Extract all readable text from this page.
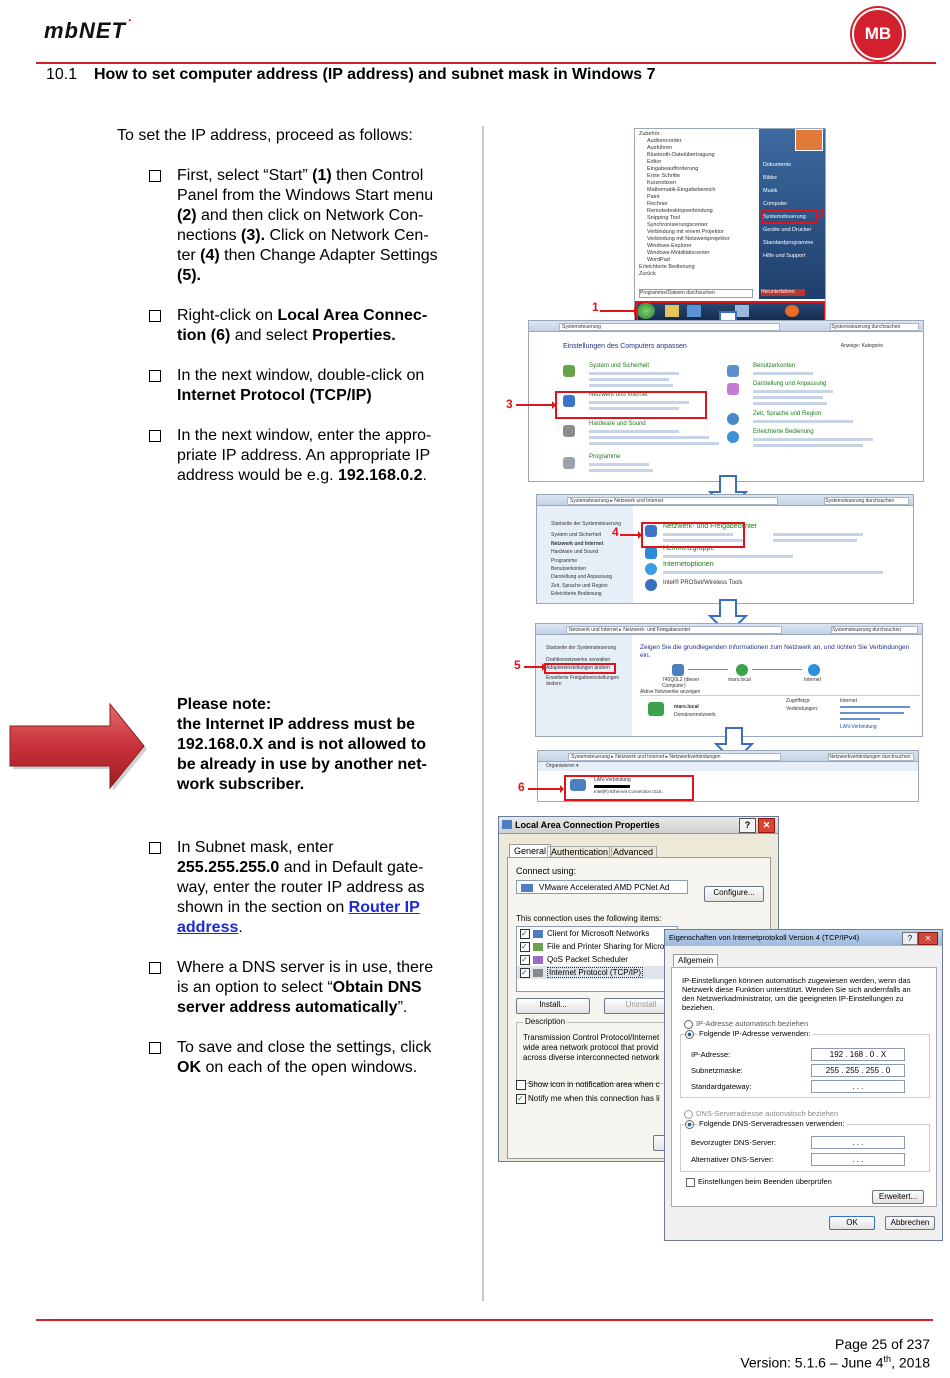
mbNET˙	MB
10.1 How to set computer address (IP address) and subnet mask in Windows 7
To set the IP address, proceed as follows:
First, select “Start” (1) then Control
Panel from the Windows Start menu
(2) and then click on Network Con-
nections (3). Click on Network Cen-
ter (4) then Change Adapter Settings
(5).
Right-click on Local Area Connec-
tion (6) and select Properties.
In the next window, double-click on
Internet Protocol (TCP/IP)
In the next window, enter the appro-
priate IP address. An appropriate IP
address would be e.g. 192.168.0.2.
Please note:
the Internet IP address must be
192.168.0.X and is not allowed to
be already in use by another net-
work subscriber.
In Subnet mask, enter
255.255.255.0 and in Default gate-
way, enter the router IP address as
shown in the section on Router IP
address.
Where a DNS server is in use, there
is an option to select “Obtain DNS
server address automatically”.
To save and close the settings, click
OK on each of the open windows.
Zubehör
Audiorecorder
Ausführen
Bluetooth-Dateiübertragung
Editor
Eingabeaufforderung
Erste Schritte
Kurznotizen
Mathematik-Eingabebereich
Paint
Rechner
Remotedesktopverbindung
Snipping Tool
Synchronisierungscenter
Verbindung mit einem Projektor
Verbindung mit Netzwerkprojektor
Windows-Explorer
Windows-Mobilitätscenter
WordPad
Erleichterte Bedienung
Zurück
Dokumente
Bilder
Musik
Computer
Systemsteuerung
Geräte und Drucker
Standardprogramme
Hilfe und Support
Programme/Dateien durchsuchen	Herunterfahren
2
1
Systemsteuerung	Systemsteuerung durchsuchen
Einstellungen des Computers anpassen	Anzeige: Kategorie
System und Sicherheit
Netzwerk und Internet
Hardware und Sound
Programme
Benutzerkonten
Darstellung und Anpassung
Zeit, Sprache und Region
Erleichterte Bedienung
3
Systemsteuerung ▸ Netzwerk und Internet	Systemsteuerung durchsuchen
Startseite der Systemsteuerung
System und Sicherheit
Netzwerk und Internet
Hardware und Sound
Programme
Benutzerkonten
Darstellung und Anpassung
Zeit, Sprache und Region
Erleichterte Bedienung
Netzwerk- und Freigabecenter
Heimnetzgruppe
Internetoptionen
Intel® PROSet/Wireless Tools
4
Netzwerk und Internet ▸ Netzwerk- und Freigabecenter	Systemsteuerung durchsuchen
Startseite der Systemsteuerung
Drahtlosnetzwerke verwalten
Adaptereinstellungen ändern
Erweiterte Freigabeeinstellungen ändern
Zeigen Sie die grundlegenden Informationen zum Netzwerk an, und richten Sie Verbindungen ein.
745Q0L2 (dieser Computer)
mars.local	Internet
Aktive Netzwerke anzeigen
mars.local
Domänennetzwerk
Zugriffstyp:	Internet
Verbindungen:
LAN-Verbindung
5
Systemsteuerung ▸ Netzwerk und Internet ▸ Netzwerkverbindungen	Netzwerkverbindungen durchsuchen
Organisieren ▾
LAN-Verbindung
Intel(R) Ethernet Connection I219...
6
Local Area Connection Properties	?	✕
General Authentication Advanced
Connect using:
VMware Accelerated AMD PCNet Ad
Configure...
This connection uses the following items:
✓ Client for Microsoft Networks
✓ File and Printer Sharing for Micro
✓ QoS Packet Scheduler
✓	Internet Protocol (TCP/IP)
Install...	Uninstall
Description
Transmission Control Protocol/Internet
wide area network protocol that provid
across diverse interconnected network
Show icon in notification area when c
✓ Notify me when this connection has li
Eigenschaften von Internetprotokoll Version 4 (TCP/IPv4)	?	✕
Allgemein
IP-Einstellungen können automatisch zugewiesen werden, wenn das
Netzwerk diese Funktion unterstützt. Wenden Sie sich andernfalls an
den Netzwerkadministrator, um die geeigneten IP-Einstellungen zu
beziehen.
IP-Adresse automatisch beziehen
Folgende IP-Adresse verwenden:
IP-Adresse:	192 . 168 . 0 . X
Subnetzmaske:	255 . 255 . 255 . 0
Standardgateway:	. . .
DNS-Serveradresse automatisch beziehen
Folgende DNS-Serveradressen verwenden:
Bevorzugter DNS-Server:	. . .
Alternativer DNS-Server:	. . .
Einstellungen beim Beenden überprüfen
Erweitert...
OK	Abbrechen
Page 25 of 237
Version: 5.1.6 – June 4th, 2018
